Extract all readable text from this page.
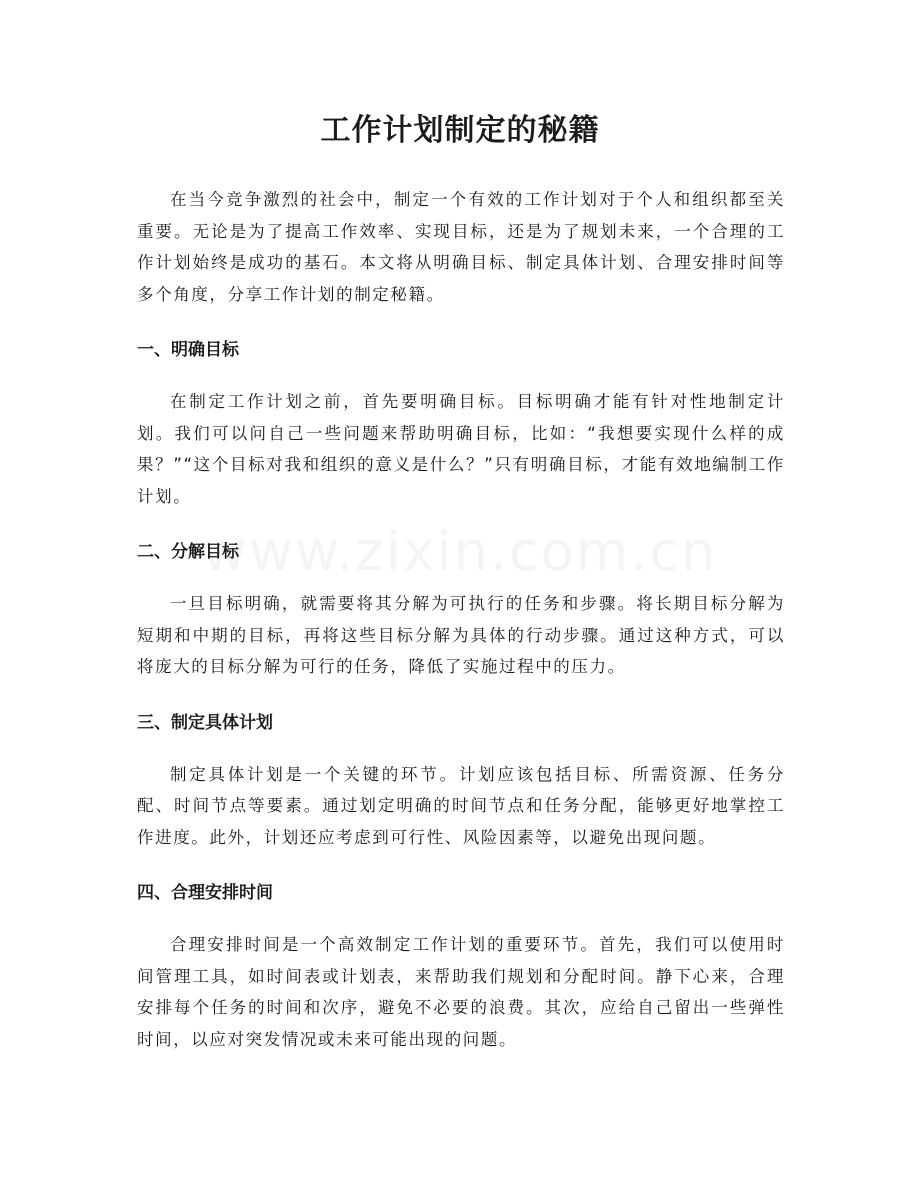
工作计划制定的秘籍

在当今竞争激烈的社会中，制定一个有效的工作计划对于个人和组织都至关重要。无论是为了提高工作效率、实现目标，还是为了规划未来，一个合理的工作计划始终是成功的基石。本文将从明确目标、制定具体计划、合理安排时间等多个角度，分享工作计划的制定秘籍。

一、明确目标

在制定工作计划之前，首先要明确目标。目标明确才能有针对性地制定计划。我们可以问自己一些问题来帮助明确目标，比如：“我想要实现什么样的成果？”“这个目标对我和组织的意义是什么？”只有明确目标，才能有效地编制工作计划。

二、分解目标

一旦目标明确，就需要将其分解为可执行的任务和步骤。将长期目标分解为短期和中期的目标，再将这些目标分解为具体的行动步骤。通过这种方式，可以将庞大的目标分解为可行的任务，降低了实施过程中的压力。

三、制定具体计划

制定具体计划是一个关键的环节。计划应该包括目标、所需资源、任务分配、时间节点等要素。通过划定明确的时间节点和任务分配，能够更好地掌控工作进度。此外，计划还应考虑到可行性、风险因素等，以避免出现问题。

四、合理安排时间

合理安排时间是一个高效制定工作计划的重要环节。首先，我们可以使用时间管理工具，如时间表或计划表，来帮助我们规划和分配时间。静下心来，合理安排每个任务的时间和次序，避免不必要的浪费。其次，应给自己留出一些弹性时间，以应对突发情况或未来可能出现的问题。
